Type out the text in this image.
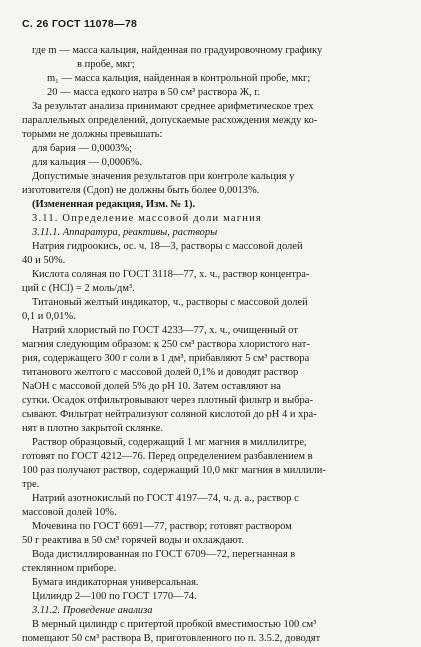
С. 26 ГОСТ 11078—78
где m — масса кальция, найденная по градуировочному графику
в пробе, мкг;
m₁ — масса кальция, найденная в контрольной пробе, мкг;
20 — масса едкого натра в 50 см³ раствора Ж, г.
За результат анализа принимают среднее арифметическое трех
параллельных определений, допускаемые расхождения между ко-
торыми не должны превышать:
для бария — 0,0003%;
для кальция — 0,0006%.
Допустимые значения результатов при контроле кальция у
изготовителя (Cдоп) не должны быть более 0,0013%.
(Измененная редакция, Изм. № 1).
3.11. Определение массовой доли магния
3.11.1. Аппаратура, реактивы, растворы
Натрия гидроокись, ос. ч. 18—3, растворы с массовой долей
40 и 50%.
Кислота соляная по ГОСТ 3118—77, х. ч., раствор концентра-
ций c (HCl) = 2 моль/дм³.
Титановый желтый индикатор, ч., растворы с массовой долей
0,1 и 0,01%.
Натрий хлористый по ГОСТ 4233—77, х. ч., очищенный от
магния следующим образом: к 250 см³ раствора хлористого нат-
рия, содержащего 300 г соли в 1 дм³, прибавляют 5 см³ раствора
титанового желтого с массовой долей 0,1% и доводят раствор
NaOH с массовой долей 5% до pH 10. Затем оставляют на
сутки. Осадок отфильтровывают через плотный фильтр и выбра-
сывают. Фильтрат нейтрализуют соляной кислотой до pH 4 и хра-
нят в плотно закрытой склянке.
Раствор образцовый, содержащий 1 мг магния в миллилитре,
готовят по ГОСТ 4212—76. Перед определением разбавлением в
100 раз получают раствор, содержащий 10,0 мкг магния в миллили-
тре.
Натрий азотнокислый по ГОСТ 4197—74, ч. д. а., раствор с
массовой долей 10%.
Мочевина по ГОСТ 6691—77, раствор; готовят раствором
50 г реактива в 50 см³ горячей воды и охлаждают.
Вода дистиллированная по ГОСТ 6709—72, перегнанная в
стеклянном приборе.
Бумага индикаторная универсальная.
Цилиндр 2—100 по ГОСТ 1770—74.
3.11.2. Проведение анализа
В мерный цилиндр с притертой пробкой вместимостью 100 см³
помещают 50 см³ раствора В, приготовленного по п. 3.5.2, доводят
